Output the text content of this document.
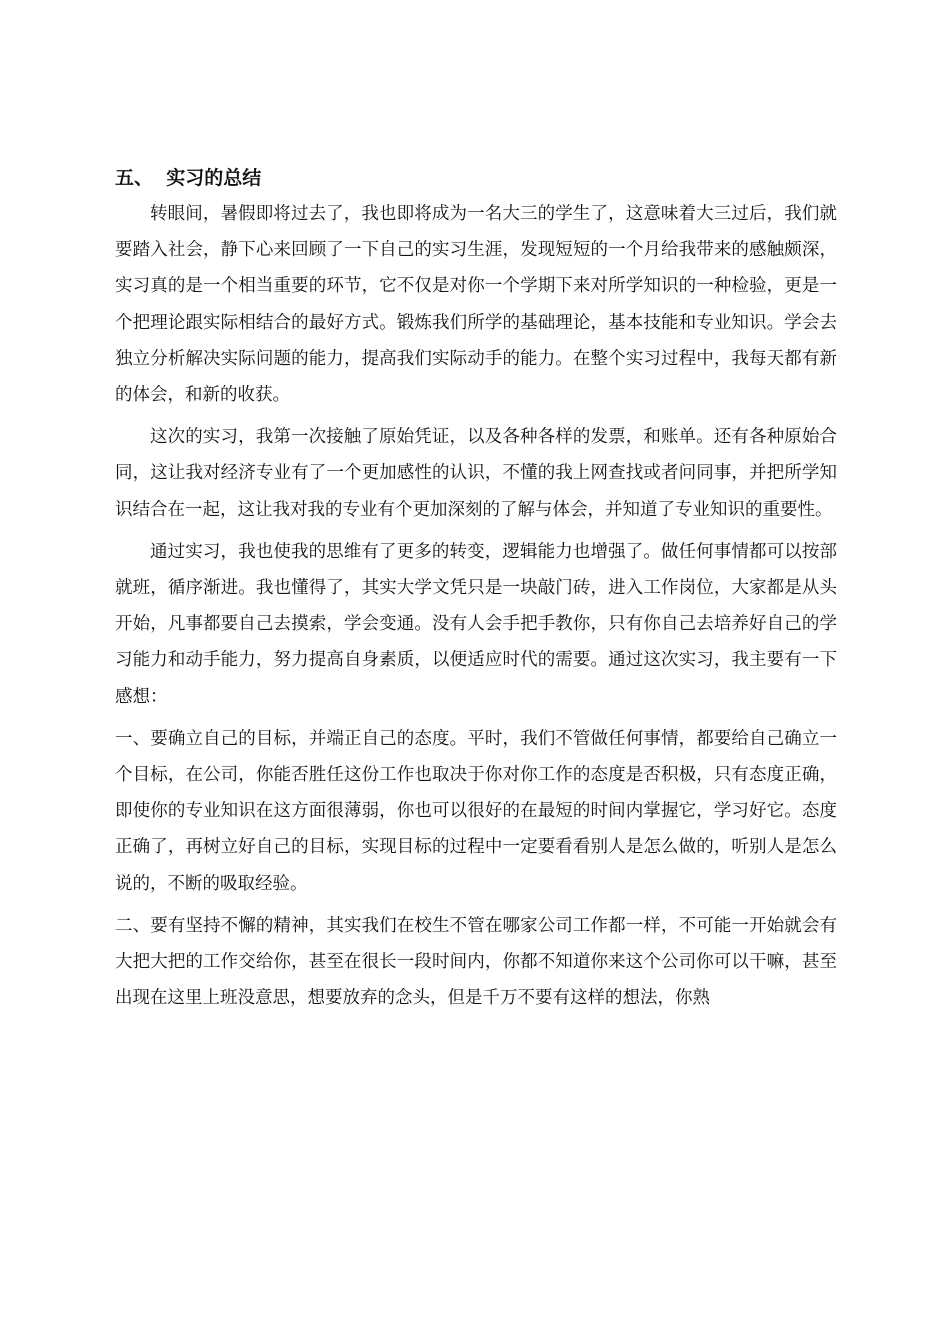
五、  实习的总结

转眼间，暑假即将过去了，我也即将成为一名大三的学生了，这意味着大三过后，我们就要踏入社会，静下心来回顾了一下自己的实习生涯，发现短短的一个月给我带来的感触颇深，实习真的是一个相当重要的环节，它不仅是对你一个学期下来对所学知识的一种检验，更是一个把理论跟实际相结合的最好方式。锻炼我们所学的基础理论，基本技能和专业知识。学会去独立分析解决实际问题的能力，提高我们实际动手的能力。在整个实习过程中，我每天都有新的体会，和新的收获。

这次的实习，我第一次接触了原始凭证，以及各种各样的发票，和账单。还有各种原始合同，这让我对经济专业有了一个更加感性的认识，不懂的我上网查找或者问同事，并把所学知识结合在一起，这让我对我的专业有个更加深刻的了解与体会，并知道了专业知识的重要性。

通过实习，我也使我的思维有了更多的转变，逻辑能力也增强了。做任何事情都可以按部就班，循序渐进。我也懂得了，其实大学文凭只是一块敲门砖，进入工作岗位，大家都是从头开始，凡事都要自己去摸索，学会变通。没有人会手把手教你，只有你自己去培养好自己的学习能力和动手能力，努力提高自身素质，以便适应时代的需要。通过这次实习，我主要有一下感想：

一、要确立自己的目标，并端正自己的态度。平时，我们不管做任何事情，都要给自己确立一个目标，在公司，你能否胜任这份工作也取决于你对你工作的态度是否积极，只有态度正确，即使你的专业知识在这方面很薄弱，你也可以很好的在最短的时间内掌握它，学习好它。态度正确了，再树立好自己的目标，实现目标的过程中一定要看看别人是怎么做的，听别人是怎么说的，不断的吸取经验。

二、要有坚持不懈的精神，其实我们在校生不管在哪家公司工作都一样，不可能一开始就会有大把大把的工作交给你，甚至在很长一段时间内，你都不知道你来这个公司你可以干嘛，甚至出现在这里上班没意思，想要放弃的念头，但是千万不要有这样的想法，你熟
